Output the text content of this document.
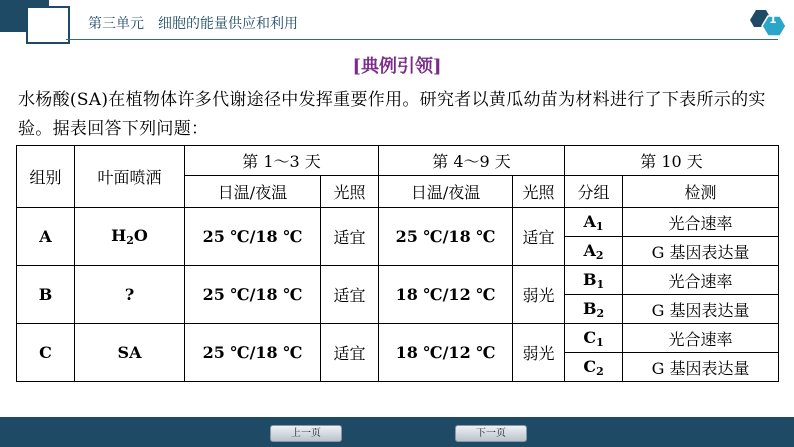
第三单元　细胞的能量供应和利用	1
[典例引领]
水杨酸(SA)在植物体许多代谢途径中发挥重要作用。研究者以黄瓜幼苗为材料进行了下表所示的实验。据表回答下列问题：
组别	叶面喷洒	第 1～3 天		第 4～9 天		第 10 天	
		日温/夜温	光照	日温/夜温	光照	分组	检测
A	$H_2O$	25 ℃/18 ℃	适宜	25 ℃/18 ℃	适宜	$A_1$	光合速率
						$A_2$	G 基因表达量
B	?	25 ℃/18 ℃	适宜	18 ℃/12 ℃	弱光	$B_1$	光合速率
						$B_2$	G 基因表达量
C	SA	25 ℃/18 ℃	适宜	18 ℃/12 ℃	弱光	$C_1$	光合速率
						$C_2$	G 基因表达量
上一页	下一页
